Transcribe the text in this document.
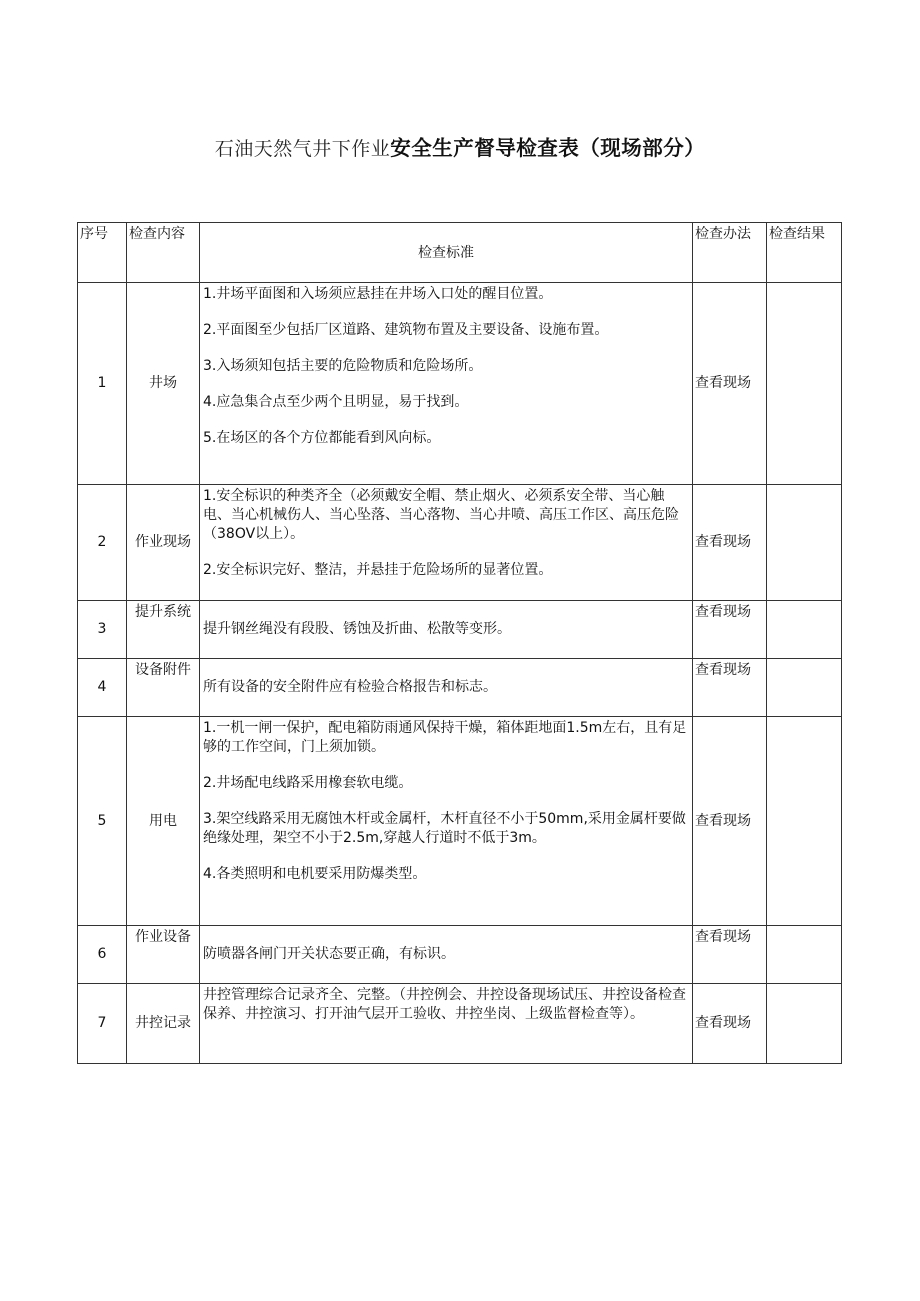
石油天然气井下作业安全生产督导检查表（现场部分）
序号	检查内容	检查标准	检查办法	检查结果
1	井场	1.井场平面图和入场须应悬挂在井场入口处的醒目位置。

2.平面图至少包括厂区道路、建筑物布置及主要设备、设施布置。

3.入场须知包括主要的危险物质和危险场所。

4.应急集合点至少两个且明显，易于找到。

5.在场区的各个方位都能看到风向标。	查看现场	
2	作业现场	1.安全标识的种类齐全（必须戴安全帽、禁止烟火、必须系安全带、当心触电、当心机械伤人、当心坠落、当心落物、当心井喷、高压工作区、高压危险（38OV以上）。

2.安全标识完好、整洁，并悬挂于危险场所的显著位置。	查看现场	
3	提升系统	提升钢丝绳没有段股、锈蚀及折曲、松散等变形。	查看现场	
4	设备附件	所有设备的安全附件应有检验合格报告和标志。	查看现场	
5	用电	1.一机一闸一保护，配电箱防雨通风保持干燥，箱体距地面1.5m左右，且有足够的工作空间，门上须加锁。

2.井场配电线路采用橡套软电缆。

3.架空线路采用无腐蚀木杆或金属杆，木杆直径不小于50mm,采用金属杆要做绝缘处理，架空不小于2.5m,穿越人行道时不低于3m。

4.各类照明和电机要采用防爆类型。	查看现场	
6	作业设备	防喷器各闸门开关状态要正确，有标识。	查看现场	
7	井控记录	井控管理综合记录齐全、完整。（井控例会、井控设备现场试压、井控设备检查保养、井控演习、打开油气层开工验收、井控坐岗、上级监督检查等）。	查看现场	
